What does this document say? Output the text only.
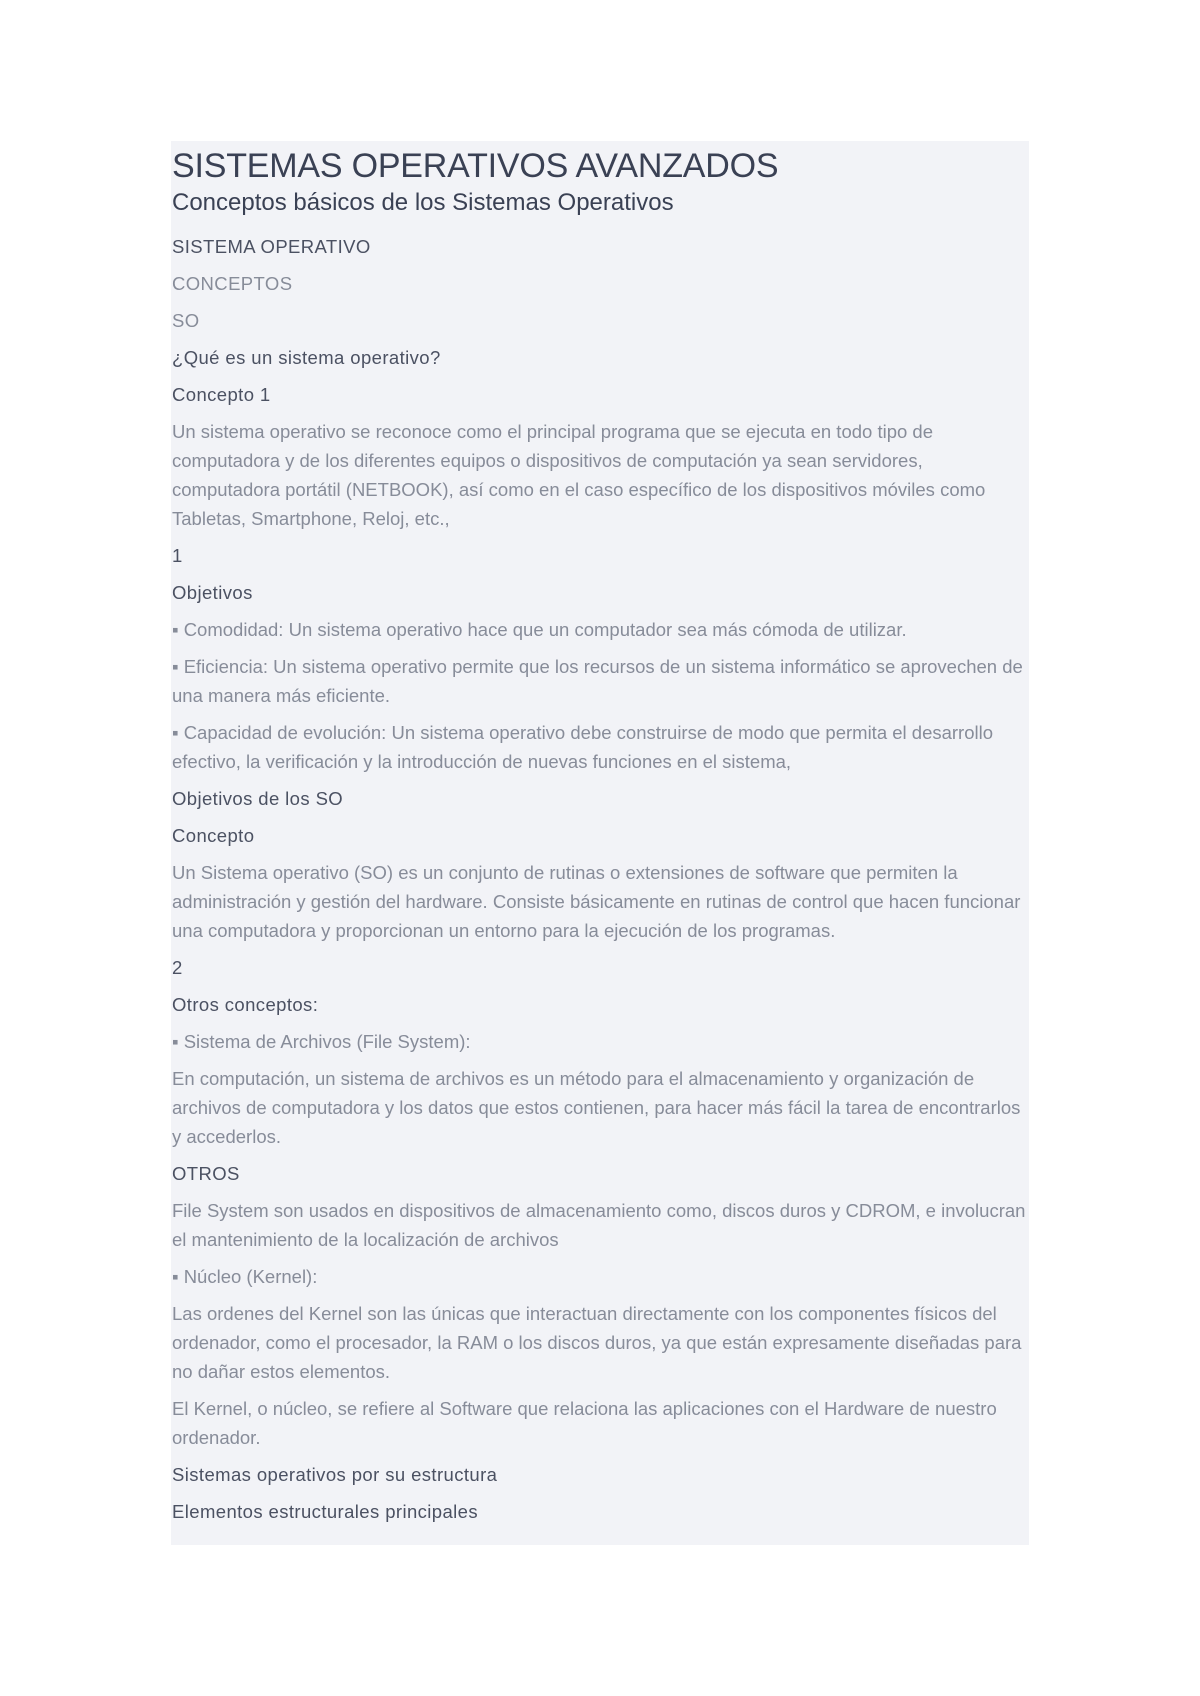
SISTEMAS OPERATIVOS AVANZADOS
Conceptos básicos de los Sistemas Operativos

SISTEMA OPERATIVO

CONCEPTOS

SO

¿Qué es un sistema operativo?

Concepto 1

Un sistema operativo se reconoce como el principal programa que se ejecuta en todo tipo de computadora y de los diferentes equipos o dispositivos de computación ya sean servidores, computadora portátil (NETBOOK), así como en el caso específico de los dispositivos móviles como Tabletas, Smartphone, Reloj, etc.,

1

Objetivos

▪ Comodidad: Un sistema operativo hace que un computador sea más cómoda de utilizar.

▪ Eficiencia: Un sistema operativo permite que los recursos de un sistema informático se aprovechen de una manera más eficiente.

▪ Capacidad de evolución: Un sistema operativo debe construirse de modo que permita el desarrollo efectivo, la verificación y la introducción de nuevas funciones en el sistema,

Objetivos de los SO

Concepto

Un Sistema operativo (SO) es un conjunto de rutinas o extensiones de software que permiten la administración y gestión del hardware. Consiste básicamente en rutinas de control que hacen funcionar una computadora y proporcionan un entorno para la ejecución de los programas.

2

Otros conceptos:

▪ Sistema de Archivos (File System):

En computación, un sistema de archivos es un método para el almacenamiento y organización de archivos de computadora y los datos que estos contienen, para hacer más fácil la tarea de encontrarlos y accederlos.

OTROS

File System son usados en dispositivos de almacenamiento como, discos duros y CDROM, e involucran el mantenimiento de la localización de archivos

▪ Núcleo (Kernel):

Las ordenes del Kernel son las únicas que interactuan directamente con los componentes físicos del ordenador, como el procesador, la RAM o los discos duros, ya que están expresamente diseñadas para no dañar estos elementos.

El Kernel, o núcleo, se refiere al Software que relaciona las aplicaciones con el Hardware de nuestro ordenador.

Sistemas operativos por su estructura

Elementos estructurales principales
